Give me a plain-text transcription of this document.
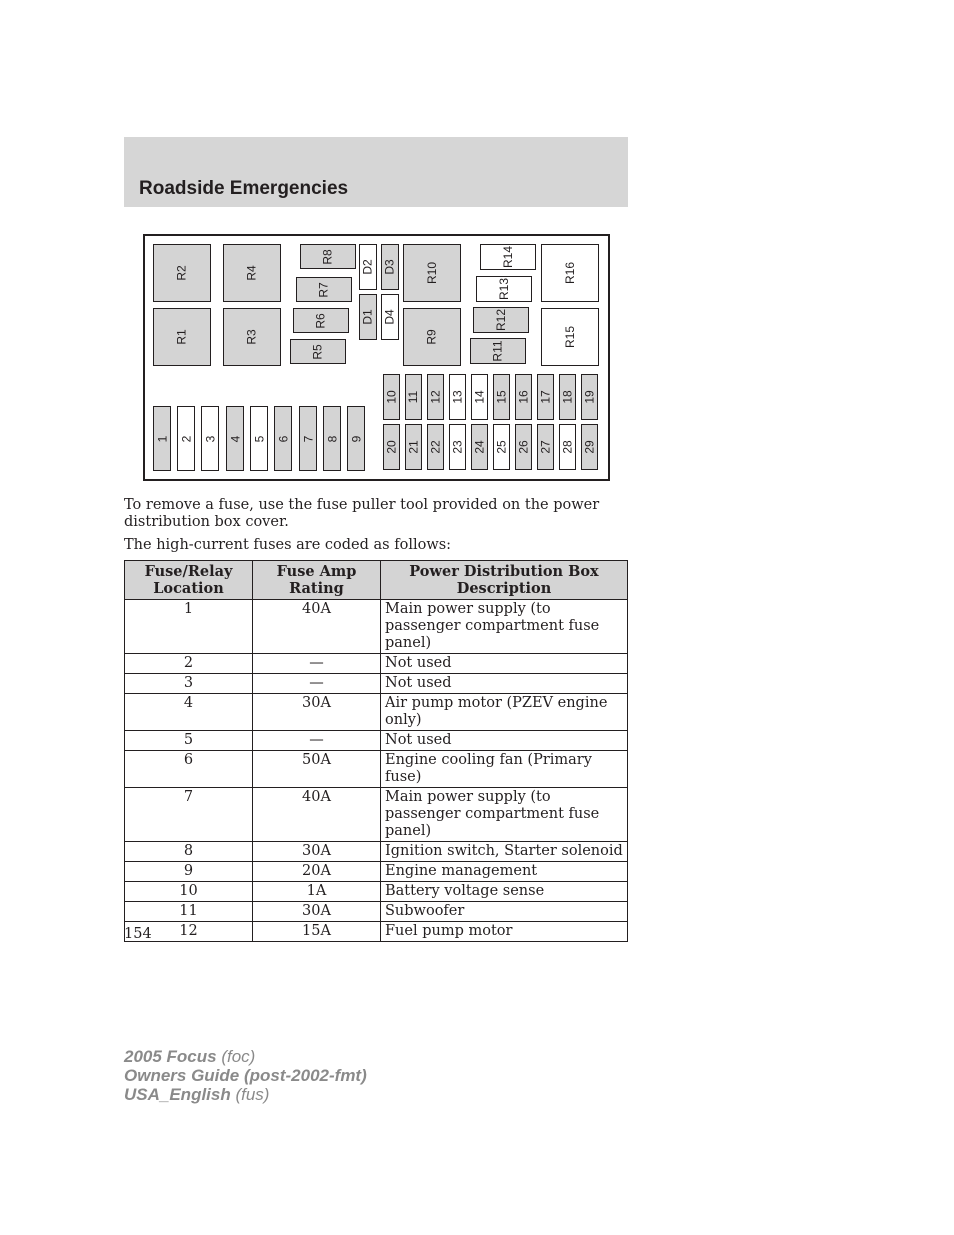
Roadside Emergencies
R2	R4
R1	R3
R8
R7
R6
R5
D2 D3
D1 D4
R10
R9
R14
R13
R12
R11
R16
R15
1 2 3 4 5 6 7 8 9
10 11 12 13 14 15 16 17 18 19
20 21 22 23 24 25 26 27 28 29
To remove a fuse, use the fuse puller tool provided on the power distribution box cover.
The high-current fuses are coded as follows:
Fuse/Relay Location	Fuse Amp Rating	Power Distribution Box Description
1	40A	Main power supply (to passenger compartment fuse panel)
2	—	Not used
3	—	Not used
4	30A	Air pump motor (PZEV engine only)
5	—	Not used
6	50A	Engine cooling fan (Primary fuse)
7	40A	Main power supply (to passenger compartment fuse panel)
8	30A	Ignition switch, Starter solenoid
9	20A	Engine management
10	1A	Battery voltage sense
11	30A	Subwoofer
12	15A	Fuel pump motor
154
2005 Focus (foc)
Owners Guide (post-2002-fmt)
USA_English (fus)
